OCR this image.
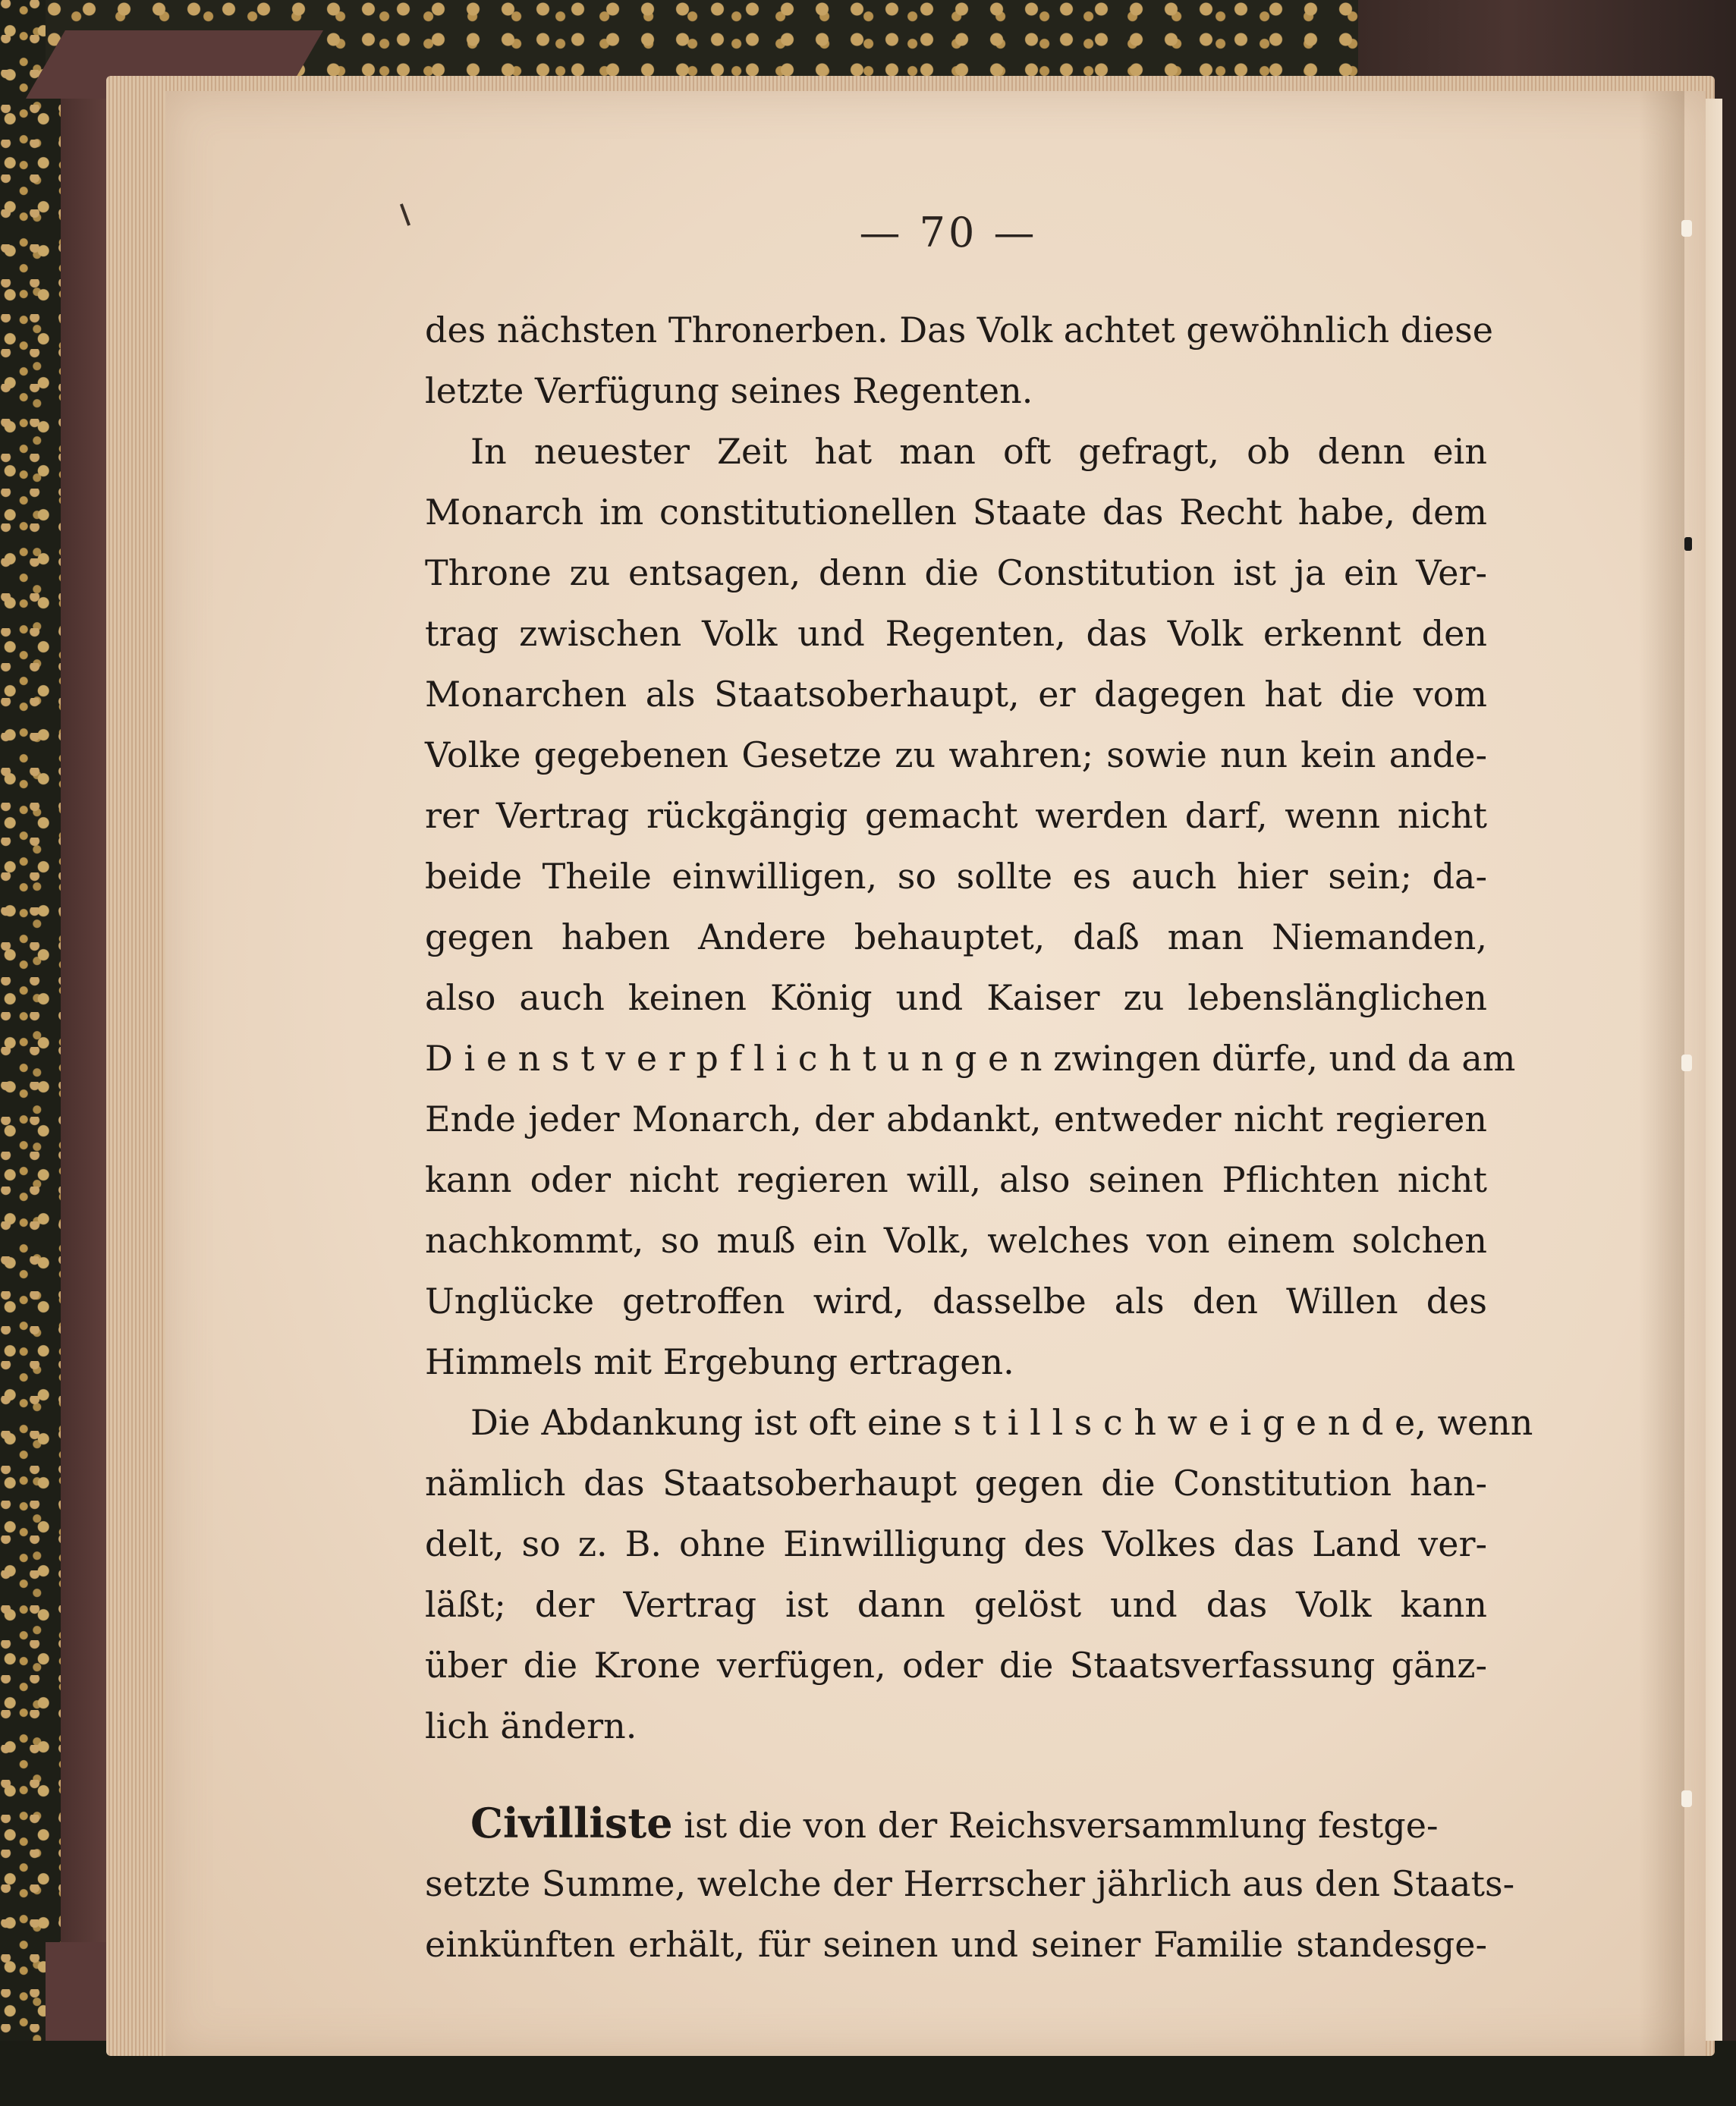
— 70 —
des nächsten Thronerben. Das Volk achtet gewöhnlich diese
letzte Verfügung seines Regenten.
In neuester Zeit hat man oft gefragt, ob denn ein
Monarch im constitutionellen Staate das Recht habe, dem
Throne zu entsagen, denn die Constitution ist ja ein Ver-
trag zwischen Volk und Regenten, das Volk erkennt den
Monarchen als Staatsoberhaupt, er dagegen hat die vom
Volke gegebenen Gesetze zu wahren; sowie nun kein ande-
rer Vertrag rückgängig gemacht werden darf, wenn nicht
beide Theile einwilligen, so sollte es auch hier sein; da-
gegen haben Andere behauptet, daß man Niemanden,
also auch keinen König und Kaiser zu lebenslänglichen
D i e n s t v e r p f l i c h t u n g e n zwingen dürfe, und da am
Ende jeder Monarch, der abdankt, entweder nicht regieren
kann oder nicht regieren will, also seinen Pflichten nicht
nachkommt, so muß ein Volk, welches von einem solchen
Unglücke getroffen wird, dasselbe als den Willen des
Himmels mit Ergebung ertragen.
Die Abdankung ist oft eine s t i l l s c h w e i g e n d e, wenn
nämlich das Staatsoberhaupt gegen die Constitution han-
delt, so z. B. ohne Einwilligung des Volkes das Land ver-
läßt; der Vertrag ist dann gelöst und das Volk kann
über die Krone verfügen, oder die Staatsverfassung gänz-
lich ändern.
Civilliste ist die von der Reichsversammlung festge-
setzte Summe, welche der Herrscher jährlich aus den Staats-
einkünften erhält, für seinen und seiner Familie standesge-
